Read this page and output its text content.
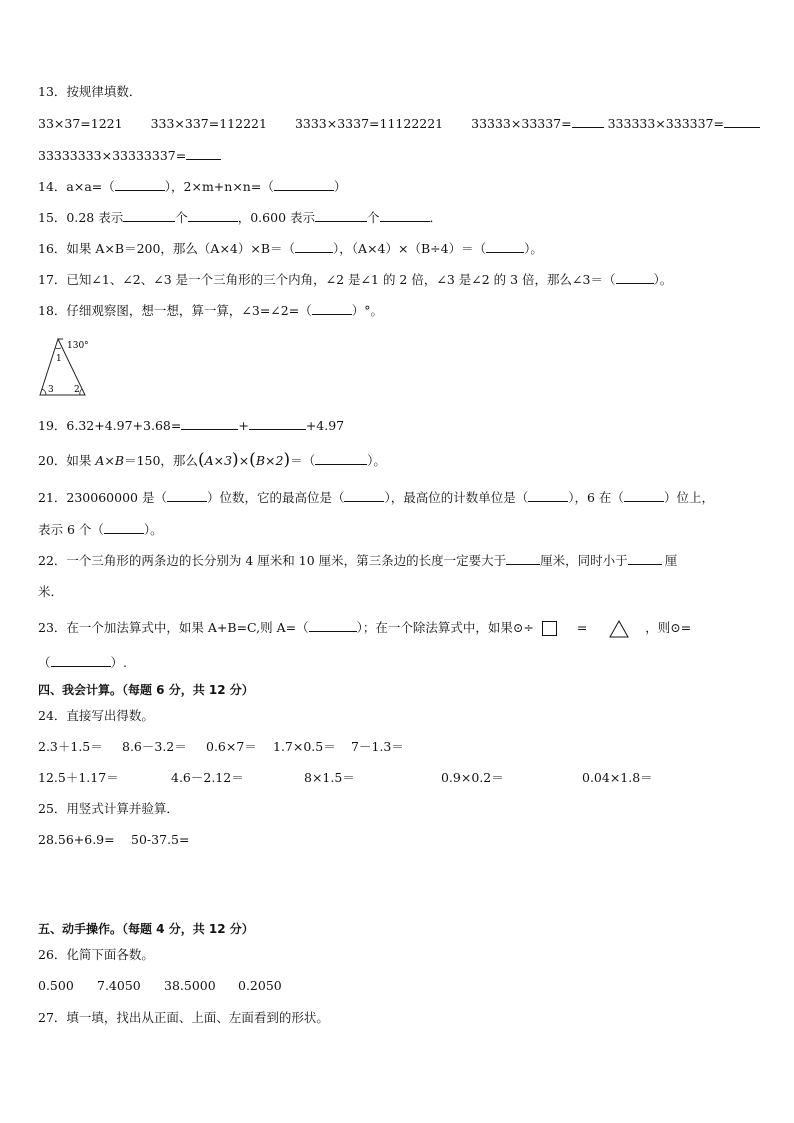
13．按规律填数．
33×37=1221 333×337=112221 3333×3337=11122221 33333×33337=	333333×333337=
33333333×33333337=
14．a×a=（	），2×m+n×n=（	）
15．0.28 表示	个	，0.600 表示	个	．
16．如果 A×B＝200，那么（A×4）×B＝（	），（A×4）×（B÷4）＝（	）。
17．已知∠1、∠2、∠3 是一个三角形的三个内角，∠2 是∠1 的 2 倍，∠3 是∠2 的 3 倍，那么∠3＝（	）。
18．仔细观察图，想一想，算一算，∠3=∠2=（	）°。
130°
1
3 2
19．6.32+4.97+3.68=	+	+4.97
20．如果 A×B＝150，那么(A×3)×(B×2)＝（	）。
21．230060000 是（	）位数，它的最高位是（	），最高位的计数单位是（	），6 在（	）位上，
表示 6 个（	）。
22．一个三角形的两条边的长分别为 4 厘米和 10 厘米，第三条边的长度一定要大于	厘米，同时小于	厘
米．
23．在一个加法算式中，如果 A+B=C,则 A=（	）；在一个除法算式中，如果⊙÷	=	，则⊙=
（	）.
四、我会计算。（每题 6 分，共 12 分）
24．直接写出得数。
2.3＋1.5＝ 8.6－3.2＝ 0.6×7＝ 1.7×0.5＝ 7－1.3＝
12.5＋1.17＝	4.6－2.12＝	8×1.5＝	0.9×0.2＝	0.04×1.8＝
25．用竖式计算并验算．
28.56+6.9= 50-37.5=
五、动手操作。（每题 4 分，共 12 分）
26．化简下面各数。
0.500 7.4050 38.5000 0.2050
27．填一填，找出从正面、上面、左面看到的形状。
